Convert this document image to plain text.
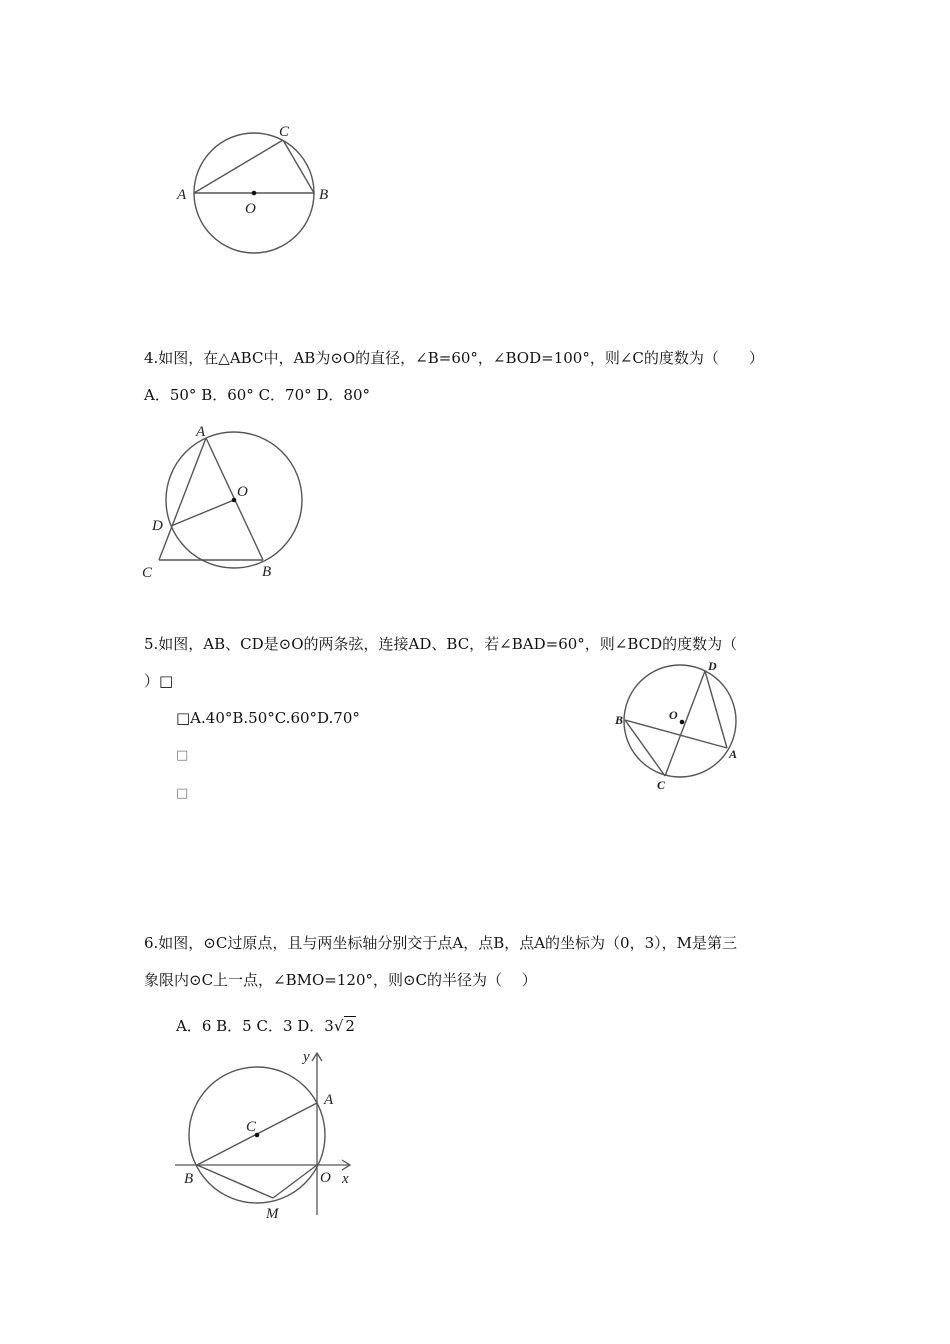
A	B
C
O
4.如图，在△ABC中，AB为⊙O的直径，∠B=60°，∠BOD=100°，则∠C的度数为（　　）
A．50° B．60° C．70° D．80°
A
B
C
D
O
5.如图，AB、CD是⊙O的两条弦，连接AD、BC，若∠BAD=60°，则∠BCD的度数为（
）□
□A.40°B.50°C.60°D.70°
□
□
D
B
A
C
O
6.如图，⊙C过原点，且与两坐标轴分别交于点A，点B，点A的坐标为（0，3），M是第三
象限内⊙C上一点，∠BMO=120°，则⊙C的半径为（　 ）
A．6 B．5 C．3 D．3√ 2
A
B
C
M
O x
y
